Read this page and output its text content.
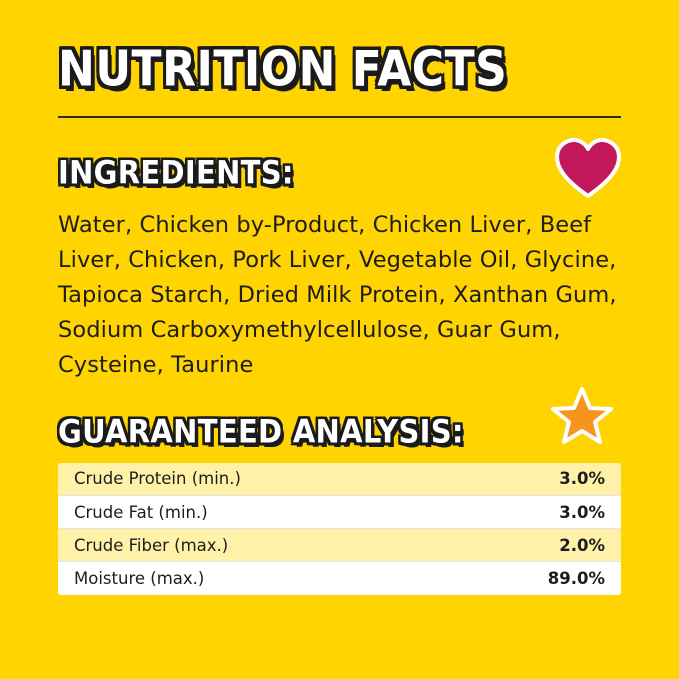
NUTRITION FACTS
INGREDIENTS:
Water, Chicken by-Product, Chicken Liver, Beef Liver, Chicken, Pork Liver, Vegetable Oil, Glycine, Tapioca Starch, Dried Milk Protein, Xanthan Gum, Sodium Carboxymethylcellulose, Guar Gum, Cysteine, Taurine
GUARANTEED ANALYSIS:
Crude Protein (min.)	3.0%
Crude Fat (min.)	3.0%
Crude Fiber (max.)	2.0%
Moisture (max.)	89.0%
